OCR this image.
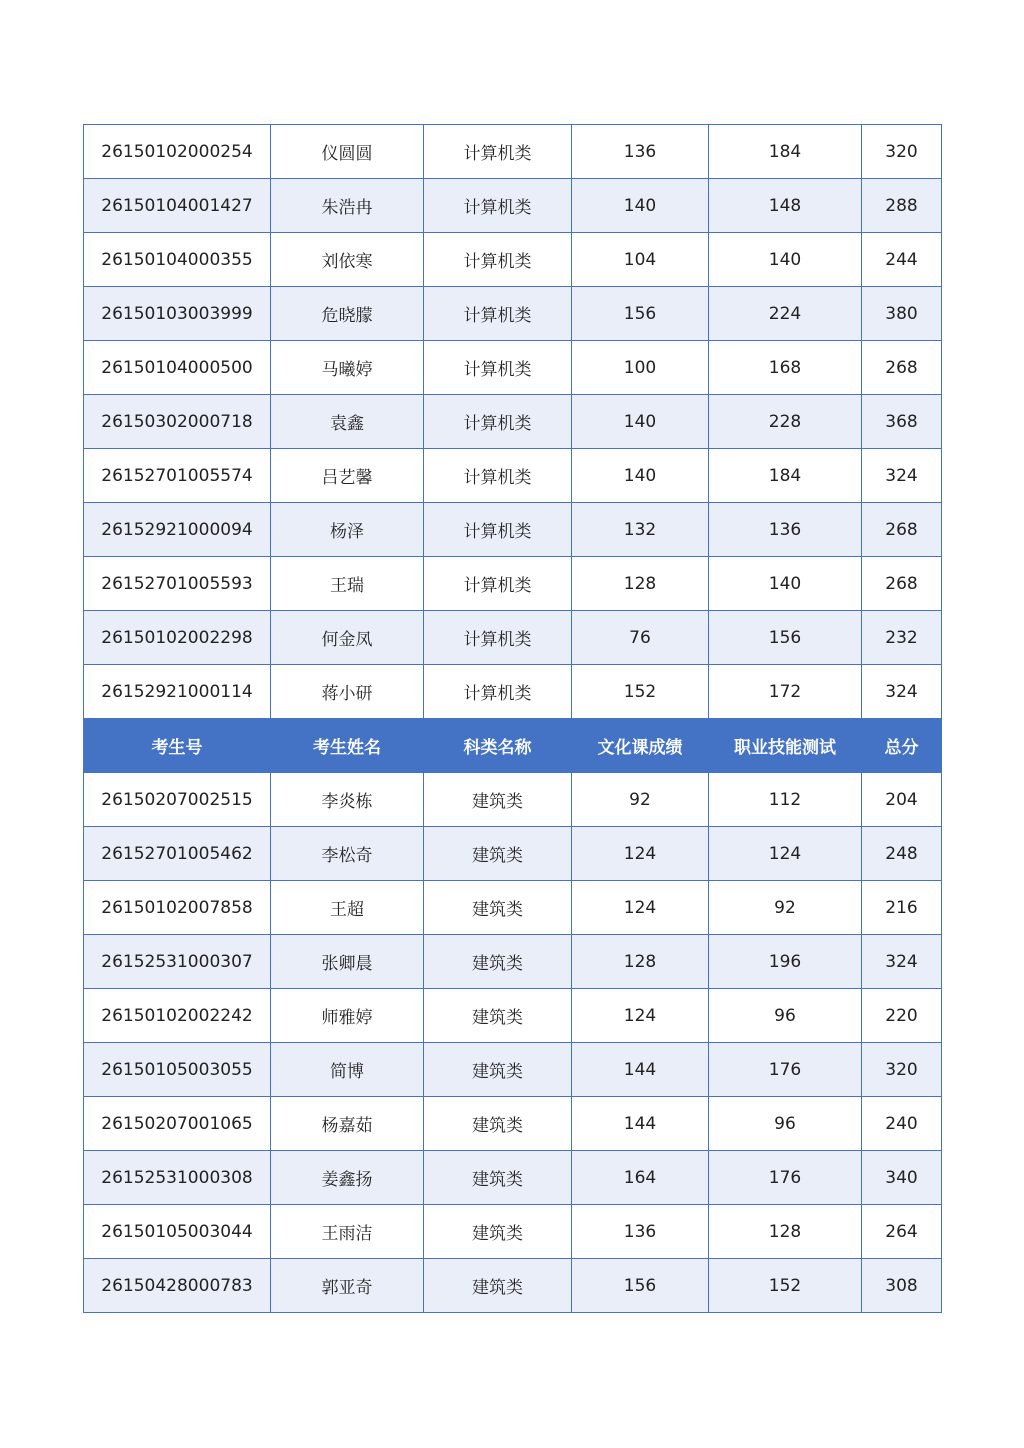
26150102000254	仪圆圆	计算机类	136	184	320
26150104001427	朱浩冉	计算机类	140	148	288
26150104000355	刘依寒	计算机类	104	140	244
26150103003999	危晓朦	计算机类	156	224	380
26150104000500	马曦婷	计算机类	100	168	268
26150302000718	袁鑫	计算机类	140	228	368
26152701005574	吕艺馨	计算机类	140	184	324
26152921000094	杨泽	计算机类	132	136	268
26152701005593	王瑞	计算机类	128	140	268
26150102002298	何金凤	计算机类	76	156	232
26152921000114	蒋小研	计算机类	152	172	324
考生号	考生姓名	科类名称	文化课成绩	职业技能测试	总分
26150207002515	李炎栋	建筑类	92	112	204
26152701005462	李松奇	建筑类	124	124	248
26150102007858	王超	建筑类	124	92	216
26152531000307	张卿晨	建筑类	128	196	324
26150102002242	师雅婷	建筑类	124	96	220
26150105003055	简博	建筑类	144	176	320
26150207001065	杨嘉茹	建筑类	144	96	240
26152531000308	姜鑫扬	建筑类	164	176	340
26150105003044	王雨洁	建筑类	136	128	264
26150428000783	郭亚奇	建筑类	156	152	308
